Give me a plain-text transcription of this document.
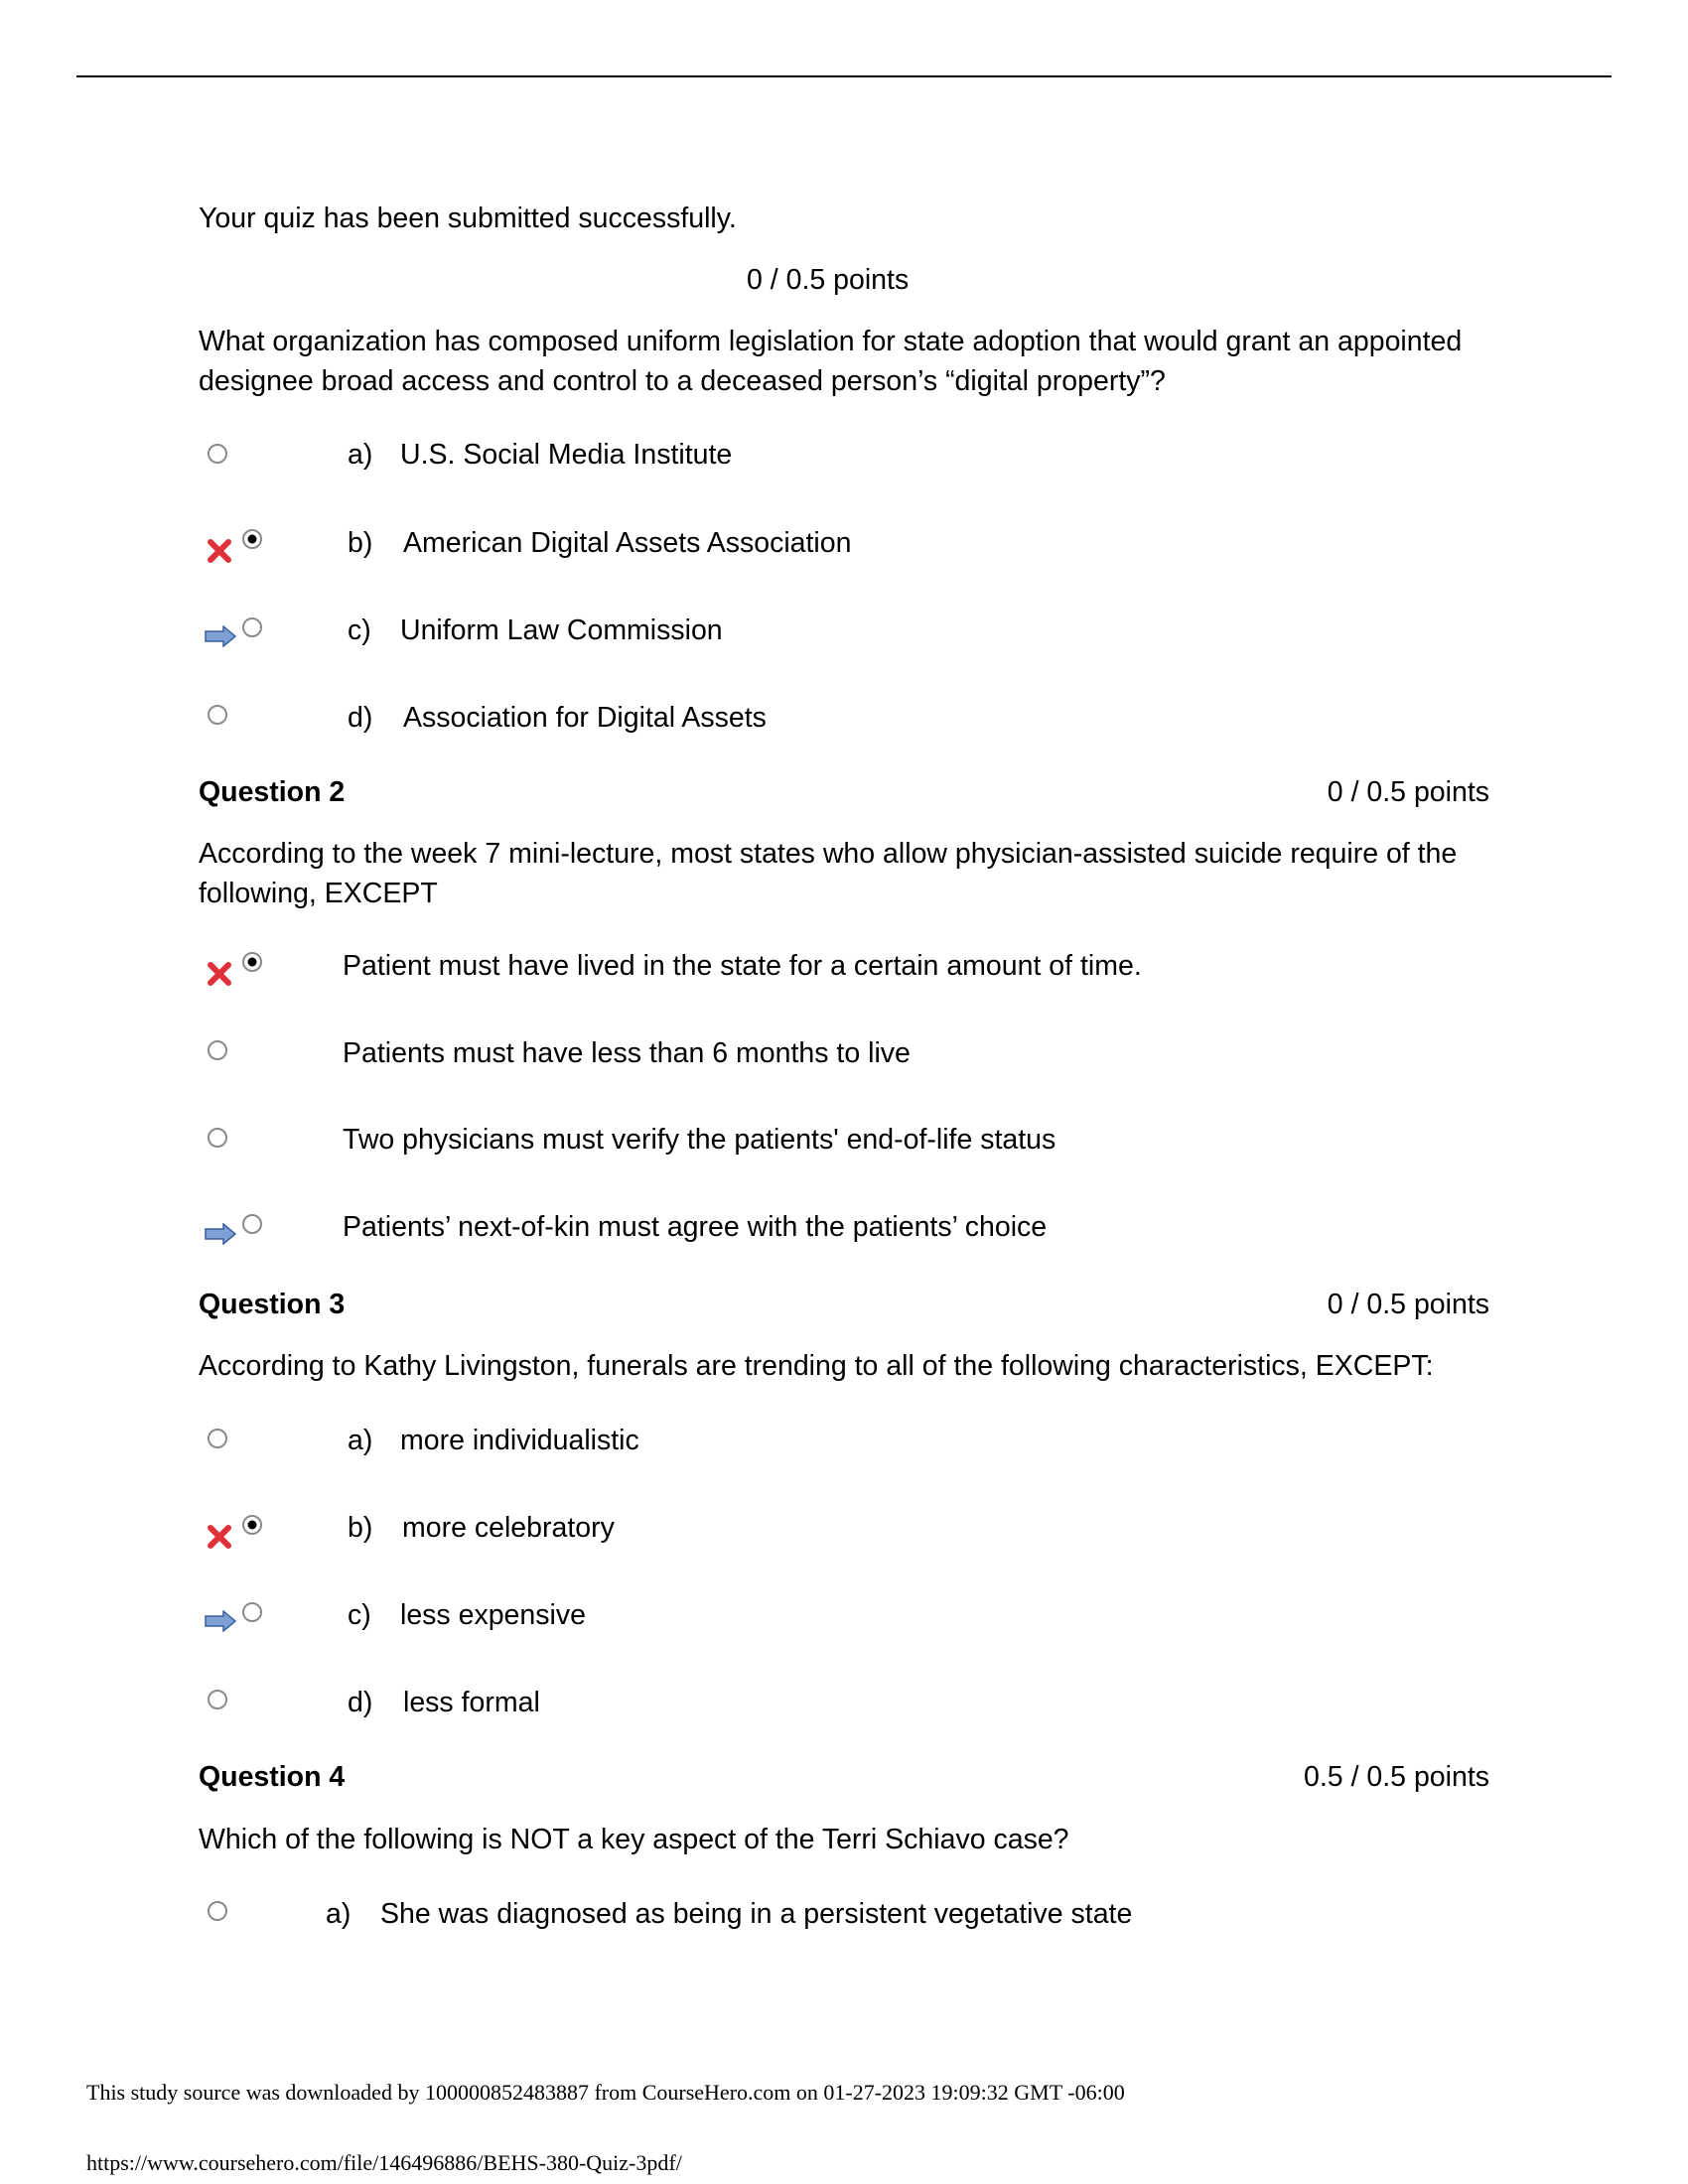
Your quiz has been submitted successfully.
0 / 0.5 points
What organization has composed uniform legislation for state adoption that would grant an appointed designee broad access and control to a deceased person’s “digital property”?
a) U.S. Social Media Institute
b) American Digital Assets Association
c) Uniform Law Commission
d) Association for Digital Assets
Question 2	0 / 0.5 points
According to the week 7 mini-lecture, most states who allow physician-assisted suicide require of the following, EXCEPT
Patient must have lived in the state for a certain amount of time.
Patients must have less than 6 months to live
Two physicians must verify the patients' end-of-life status
Patients’ next-of-kin must agree with the patients’ choice
Question 3	0 / 0.5 points
According to Kathy Livingston, funerals are trending to all of the following characteristics, EXCEPT:
a) more individualistic
b) more celebratory
c) less expensive
d) less formal
Question 4	0.5 / 0.5 points
Which of the following is NOT a key aspect of the Terri Schiavo case?
a) She was diagnosed as being in a persistent vegetative state
This study source was downloaded by 100000852483887 from CourseHero.com on 01-27-2023 19:09:32 GMT -06:00
https://www.coursehero.com/file/146496886/BEHS-380-Quiz-3pdf/
